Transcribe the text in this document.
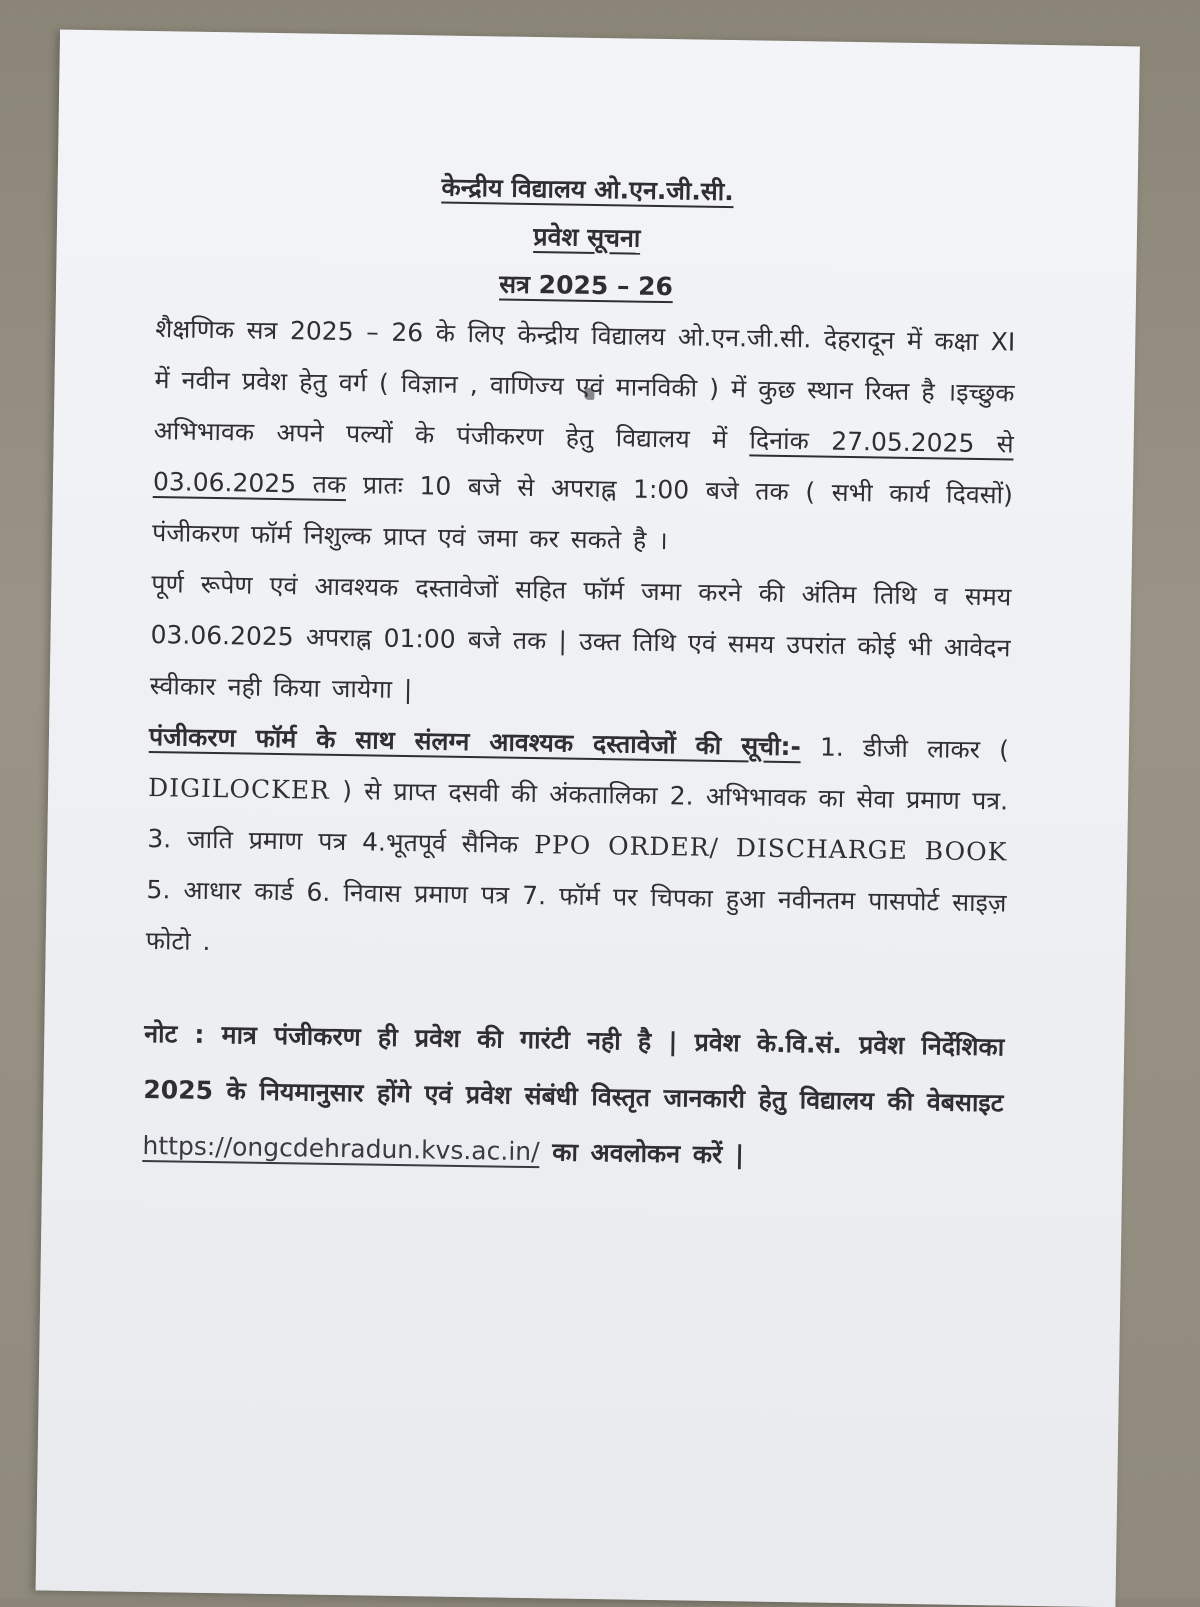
केन्द्रीय विद्यालय ओ.एन.जी.सी.
प्रवेश सूचना
सत्र 2025 – 26

शैक्षणिक सत्र 2025 – 26 के लिए केन्द्रीय विद्यालय ओ.एन.जी.सी. देहरादून में कक्षा XI में नवीन प्रवेश हेतु वर्ग ( विज्ञान , वाणिज्य एवं मानविकी ) में कुछ स्थान रिक्त है ।इच्छुक अभिभावक अपने पल्यों के पंजीकरण हेतु विद्यालय में दिनांक 27.05.2025 से 03.06.2025 तक प्रातः 10 बजे से अपराह्न 1:00 बजे तक ( सभी कार्य दिवसों) पंजीकरण फॉर्म निशुल्क प्राप्त एवं जमा कर सकते है ।

पूर्ण रूपेण एवं आवश्यक दस्तावेजों सहित फॉर्म जमा करने की अंतिम तिथि व समय 03.06.2025 अपराह्न 01:00 बजे तक | उक्त तिथि एवं समय उपरांत कोई भी आवेदन स्वीकार नही किया जायेगा |

पंजीकरण फॉर्म के साथ संलग्न आवश्यक दस्तावेजों की सूची:- 1. डीजी लाकर ( DIGILOCKER ) से प्राप्त दसवी की अंकतालिका 2. अभिभावक का सेवा प्रमाण पत्र. 3. जाति प्रमाण पत्र 4.भूतपूर्व सैनिक PPO ORDER/ DISCHARGE BOOK 5. आधार कार्ड 6. निवास प्रमाण पत्र 7. फॉर्म पर चिपका हुआ नवीनतम पासपोर्ट साइज़ फोटो .

नोट : मात्र पंजीकरण ही प्रवेश की गारंटी नही है | प्रवेश के.वि.सं. प्रवेश निर्देशिका 2025 के नियमानुसार होंगे एवं प्रवेश संबंधी विस्तृत जानकारी हेतु विद्यालय की वेबसाइट https://ongcdehradun.kvs.ac.in/ का अवलोकन करें |
